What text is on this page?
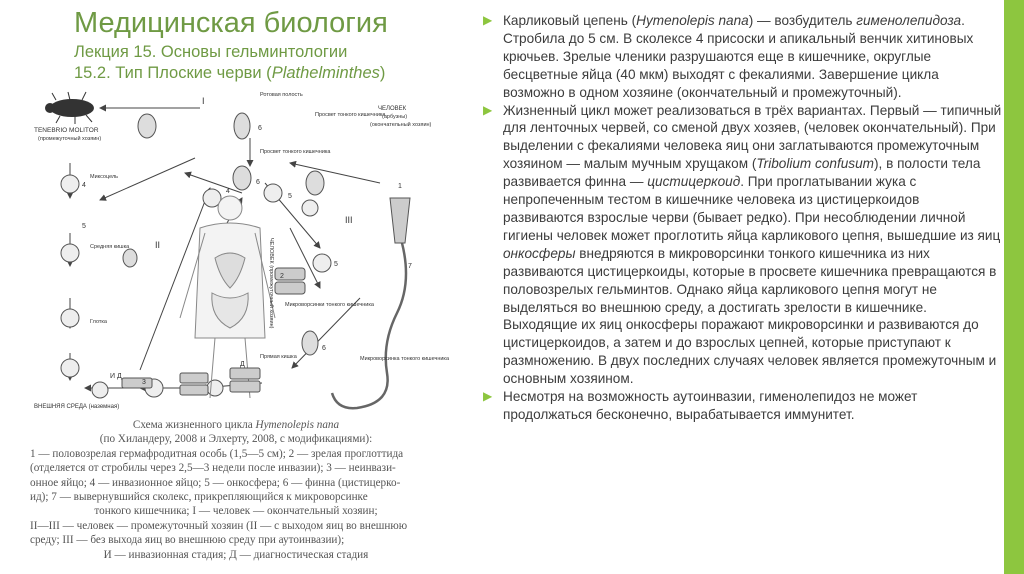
Медицинская биология

Лекция 15. Основы гельминтологии

15.2. Тип Плоские черви (Plathelminthes)

TENEBRIO MOLITOR
(промежуточный хозяин)
ЧЕЛОВЕК
(арбузны)
(окончательный хозяин)
Ротовая полость
Просвет тонкого кишечника
Просвет тонкого кишечника
Микроворсинки тонкого кишечника
Микроворсинка тонкого кишечника
Миксоцель
Средняя кишка
Глотка
Прямая кишка
ВНЕШНЯЯ СРЕДА (наземная)
ЧЕЛОВЕК (промежуточный хозяин)
I
II
III
1
2
3
4
5
6
7
4
5
6
5
6
И Д
Д
Схема жизненного цикла Hymenolepis nana
(по Хиландеру, 2008 и Элхерту, 2008, с модификациями):
1 — половозрелая гермафродитная особь (1,5—5 см); 2 — зрелая проглоттида
(отделяется от стробилы через 2,5—3 недели после инвазии); 3 — неинвази-
онное яйцо; 4 — инвазионное яйцо; 5 — онкосфера; 6 — финна (цистицерко-
ид); 7 — вывернувшийся сколекс, прикрепляющийся к микроворсинке
тонкого кишечника; I — человек — окончательный хозяин;
II—III — человек — промежуточный хозяин (II — с выходом яиц во внешнюю
среду; III — без выхода яиц во внешнюю среду при аутоинвазии);
И — инвазионная стадия; Д — диагностическая стадия
▶ Карликовый цепень (Hymenolepis nana) — возбудитель гименолепидоза. Стробила до 5 см. В сколексе 4 присоски и апикальный венчик хитиновых крючьев. Зрелые членики разрушаются еще в кишечнике, округлые бесцветные яйца (40 мкм) выходят с фекалиями. Завершение цикла возможно в одном хозяине (окончательный и промежуточный).
▶ Жизненный цикл может реализоваться в трёх вариантах. Первый — типичный для ленточных червей, со сменой двух хозяев, (человек окончательный). При выделении с фекалиями человека яиц они заглатываются промежуточным хозяином — малым мучным хрущаком (Tribolium confusum), в полости тела развивается финна — цистицеркоид. При проглатывании жука с непропеченным тестом в кишечнике человека из цистицеркоидов развиваются взрослые черви (бывает редко). При несоблюдении личной гигиены человек может проглотить яйца карликового цепня, вышедшие из яиц онкосферы внедряются в микроворсинки тонкого кишечника из них развиваются цистицеркоиды, которые в просвете кишечника превращаются в половозрелых гельминтов. Однако яйца карликового цепня могут не выделяться во внешнюю среду, а достигать зрелости в кишечнике. Выходящие их яиц онкосферы поражают микроворсинки и развиваются до цистицеркоидов, а затем и до взрослых цепней, которые приступают к размножению. В двух последних случаях человек является промежуточным и основным хозяином.
▶ Несмотря на возможность аутоинвазии, гименолепидоз не может продолжаться бесконечно, вырабатывается иммунитет.
